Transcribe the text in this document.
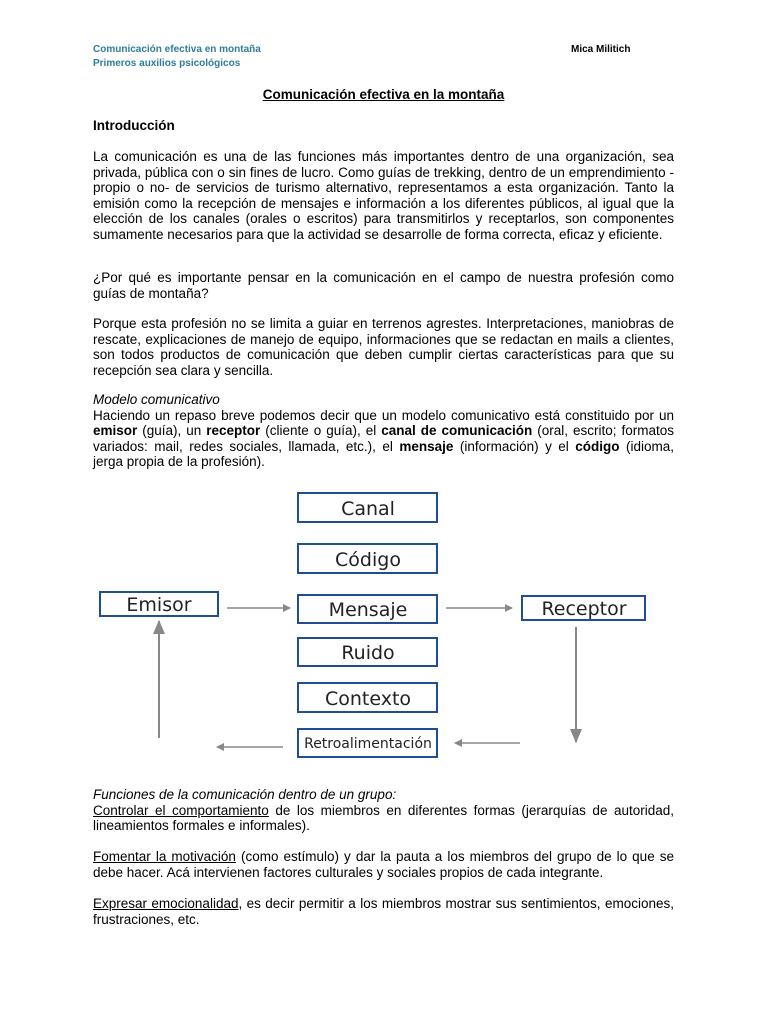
Comunicación efectiva en montaña
Primeros auxilios psicológicos
Mica Militich
Comunicación efectiva en la montaña

Introducción

La comunicación es una de las funciones más importantes dentro de una organización, sea privada, pública con o sin fines de lucro. Como guías de trekking, dentro de un emprendimiento -propio o no- de servicios de turismo alternativo, representamos a esta organización. Tanto la emisión como la recepción de mensajes e información a los diferentes públicos, al igual que la elección de los canales (orales o escritos) para transmitirlos y receptarlos, son componentes sumamente necesarios para que la actividad se desarrolle de forma correcta, eficaz y eficiente.
¿Por qué es importante pensar en la comunicación en el campo de nuestra profesión como guías de montaña?
Porque esta profesión no se limita a guiar en terrenos agrestes. Interpretaciones, maniobras de rescate, explicaciones de manejo de equipo, informaciones que se redactan en mails a clientes, son todos productos de comunicación que deben cumplir ciertas características para que su recepción sea clara y sencilla.

Modelo comunicativo

Haciendo un repaso breve podemos decir que un modelo comunicativo está constituido por un emisor (guía), un receptor (cliente o guía), el canal de comunicación (oral, escrito; formatos variados: mail, redes sociales, llamada, etc.), el mensaje (información) y el código (idioma, jerga propia de la profesión).

Emisor	Receptor
Canal
Código
Mensaje
Ruido
Contexto
Retroalimentación

Funciones de la comunicación dentro de un grupo:

Controlar el comportamiento de los miembros en diferentes formas (jerarquías de autoridad, lineamientos formales e informales).

Fomentar la motivación (como estímulo) y dar la pauta a los miembros del grupo de lo que se debe hacer. Acá intervienen factores culturales y sociales propios de cada integrante.

Expresar emocionalidad, es decir permitir a los miembros mostrar sus sentimientos, emociones, frustraciones, etc.
